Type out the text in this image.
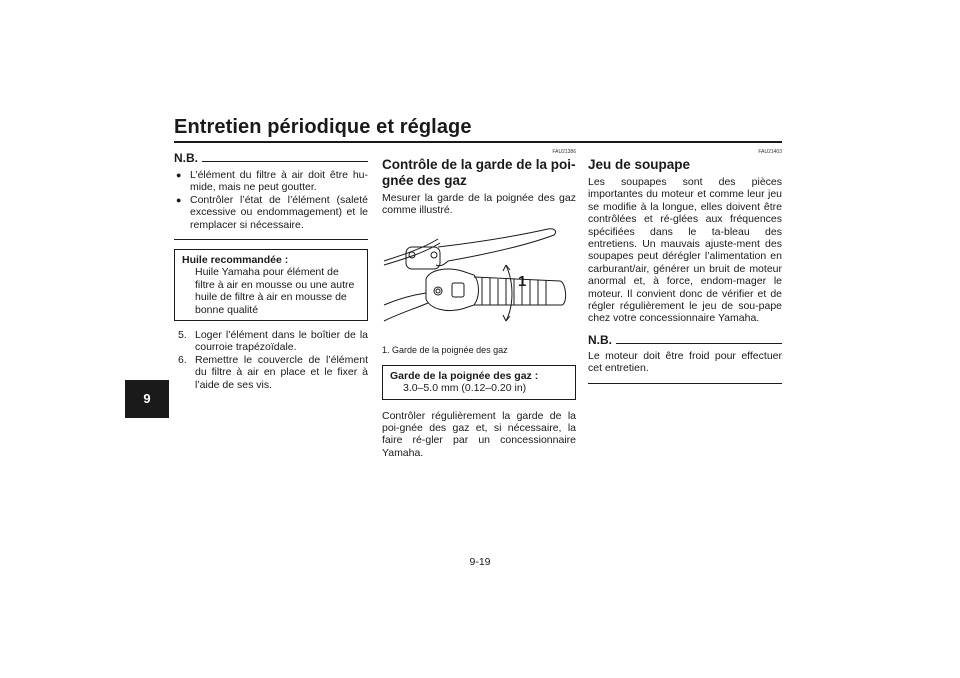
Entretien périodique et réglage
9
N.B.
● L’élément du filtre à air doit être hu-mide, mais ne peut goutter.
● Contrôler l’état de l’élément (saleté excessive ou endommagement) et le remplacer si nécessaire.
Huile recommandée :
Huile Yamaha pour élément de filtre à air en mousse ou une autre huile de filtre à air en mousse de bonne qualité
5. Loger l’élément dans le boîtier de la courroie trapézoïdale.
6. Remettre le couvercle de l’élément du filtre à air en place et le fixer à l’aide de ses vis.
FAU21386
Contrôle de la garde de la poi-gnée des gaz
Mesurer la garde de la poignée des gaz comme illustré.
1
1. Garde de la poignée des gaz
Garde de la poignée des gaz :
3.0–5.0 mm (0.12–0.20 in)
Contrôler régulièrement la garde de la poi-gnée des gaz et, si nécessaire, la faire ré-gler par un concessionnaire Yamaha.
FAU21403
Jeu de soupape
Les soupapes sont des pièces importantes du moteur et comme leur jeu se modifie à la longue, elles doivent être contrôlées et ré-glées aux fréquences spécifiées dans le ta-bleau des entretiens. Un mauvais ajuste-ment des soupapes peut dérégler l’alimentation en carburant/air, générer un bruit de moteur anormal et, à force, endom-mager le moteur. Il convient donc de vérifier et de régler régulièrement le jeu de sou-pape chez votre concessionnaire Yamaha.
N.B.
Le moteur doit être froid pour effectuer cet entretien.
9-19
